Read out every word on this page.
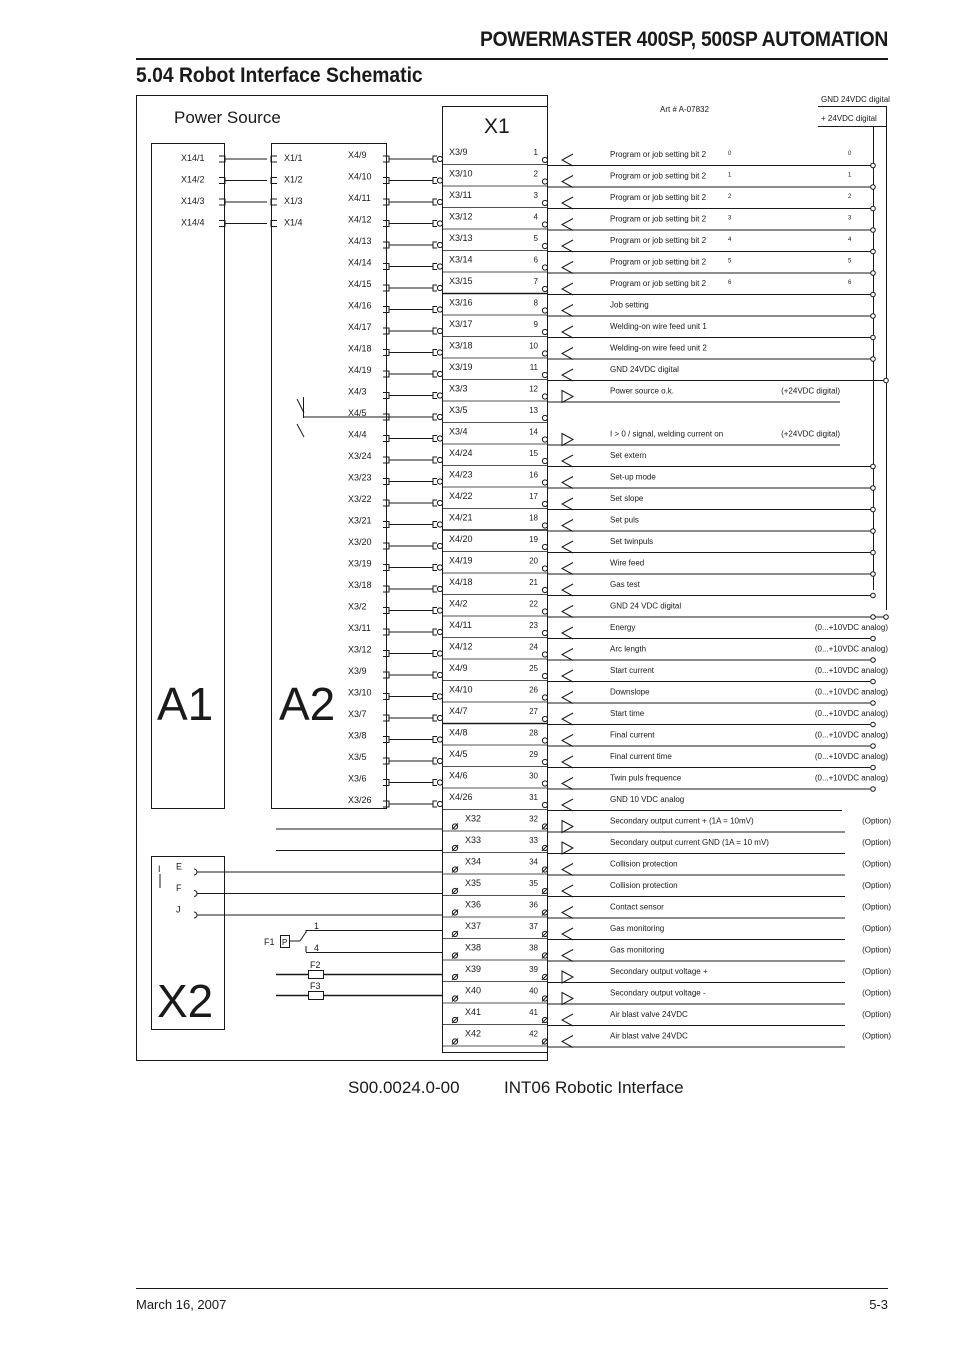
POWERMASTER 400SP, 500SP AUTOMATION
5.04 Robot Interface Schematic
Power Source	X1
A1 A2
X2
Art # A-07832
GND 24VDC digital
+ 24VDC digital
I
F1 P
1
4
F2
F3
X4/9	X3/9	1	Program or job setting bit 2	0	0
X4/10	X3/10	2	Program or job setting bit 2	1	1
X4/11	X3/11	3	Program or job setting bit 2	2	2
X4/12	X3/12	4	Program or job setting bit 2	3	3
X4/13	X3/13	5	Program or job setting bit 2	4	4
X4/14	X3/14	6	Program or job setting bit 2	5	5
X4/15	X3/15	7	Program or job setting bit 2	6	6
X4/16	X3/16	8	Job setting
X4/17	X3/17	9	Welding-on wire feed unit 1
X4/18	X3/18	10	Welding-on wire feed unit 2
X4/19	X3/19	11	GND 24VDC digital
X4/3	X3/3	12	Power source o.k.	(+24VDC digital)
X4/5	X3/5	13
X4/4	X3/4	14	I > 0 / signal, welding current on	(+24VDC digital)
X3/24	X4/24	15	Set extern
X3/23	X4/23	16	Set-up mode
X3/22	X4/22	17	Set slope
X3/21	X4/21	18	Set puls
X3/20	X4/20	19	Set twinpuls
X3/19	X4/19	20	Wire feed
X3/18	X4/18	21	Gas test
X3/2	X4/2	22	GND 24 VDC digital
X3/11	X4/11	23	Energy	(0...+10VDC analog)
X3/12	X4/12	24	Arc length	(0...+10VDC analog)
X3/9	X4/9	25	Start current	(0...+10VDC analog)
X3/10	X4/10	26	Downslope	(0...+10VDC analog)
X3/7	X4/7	27	Start time	(0...+10VDC analog)
X3/8	X4/8	28	Final current	(0...+10VDC analog)
X3/5	X4/5	29	Final current time	(0...+10VDC analog)
X3/6	X4/6	30	Twin puls frequence	(0...+10VDC analog)
X3/26	X4/26	31	GND 10 VDC analog
X32	32	Secondary output current + (1A = 10mV)	(Option)
X33	33	Secondary output current GND (1A = 10 mV)	(Option)
X34	34	Collision protection	(Option)
X35	35	Collision protection	(Option)
X36	36	Contact sensor	(Option)
X37	37	Gas monitoring	(Option)
X38	38	Gas monitoring	(Option)
X39	39	Secondary output voltage +	(Option)
X40	40	Secondary output voltage -	(Option)
X41	41	Air blast valve 24VDC	(Option)
X42	42	Air blast valve 24VDC	(Option)
E
F
J
X14/1	X1/1
X14/2	X1/2
X14/3	X1/3
X14/4	X1/4
S00.0024.0-00	INT06 Robotic Interface
March 16, 2007	5-3
